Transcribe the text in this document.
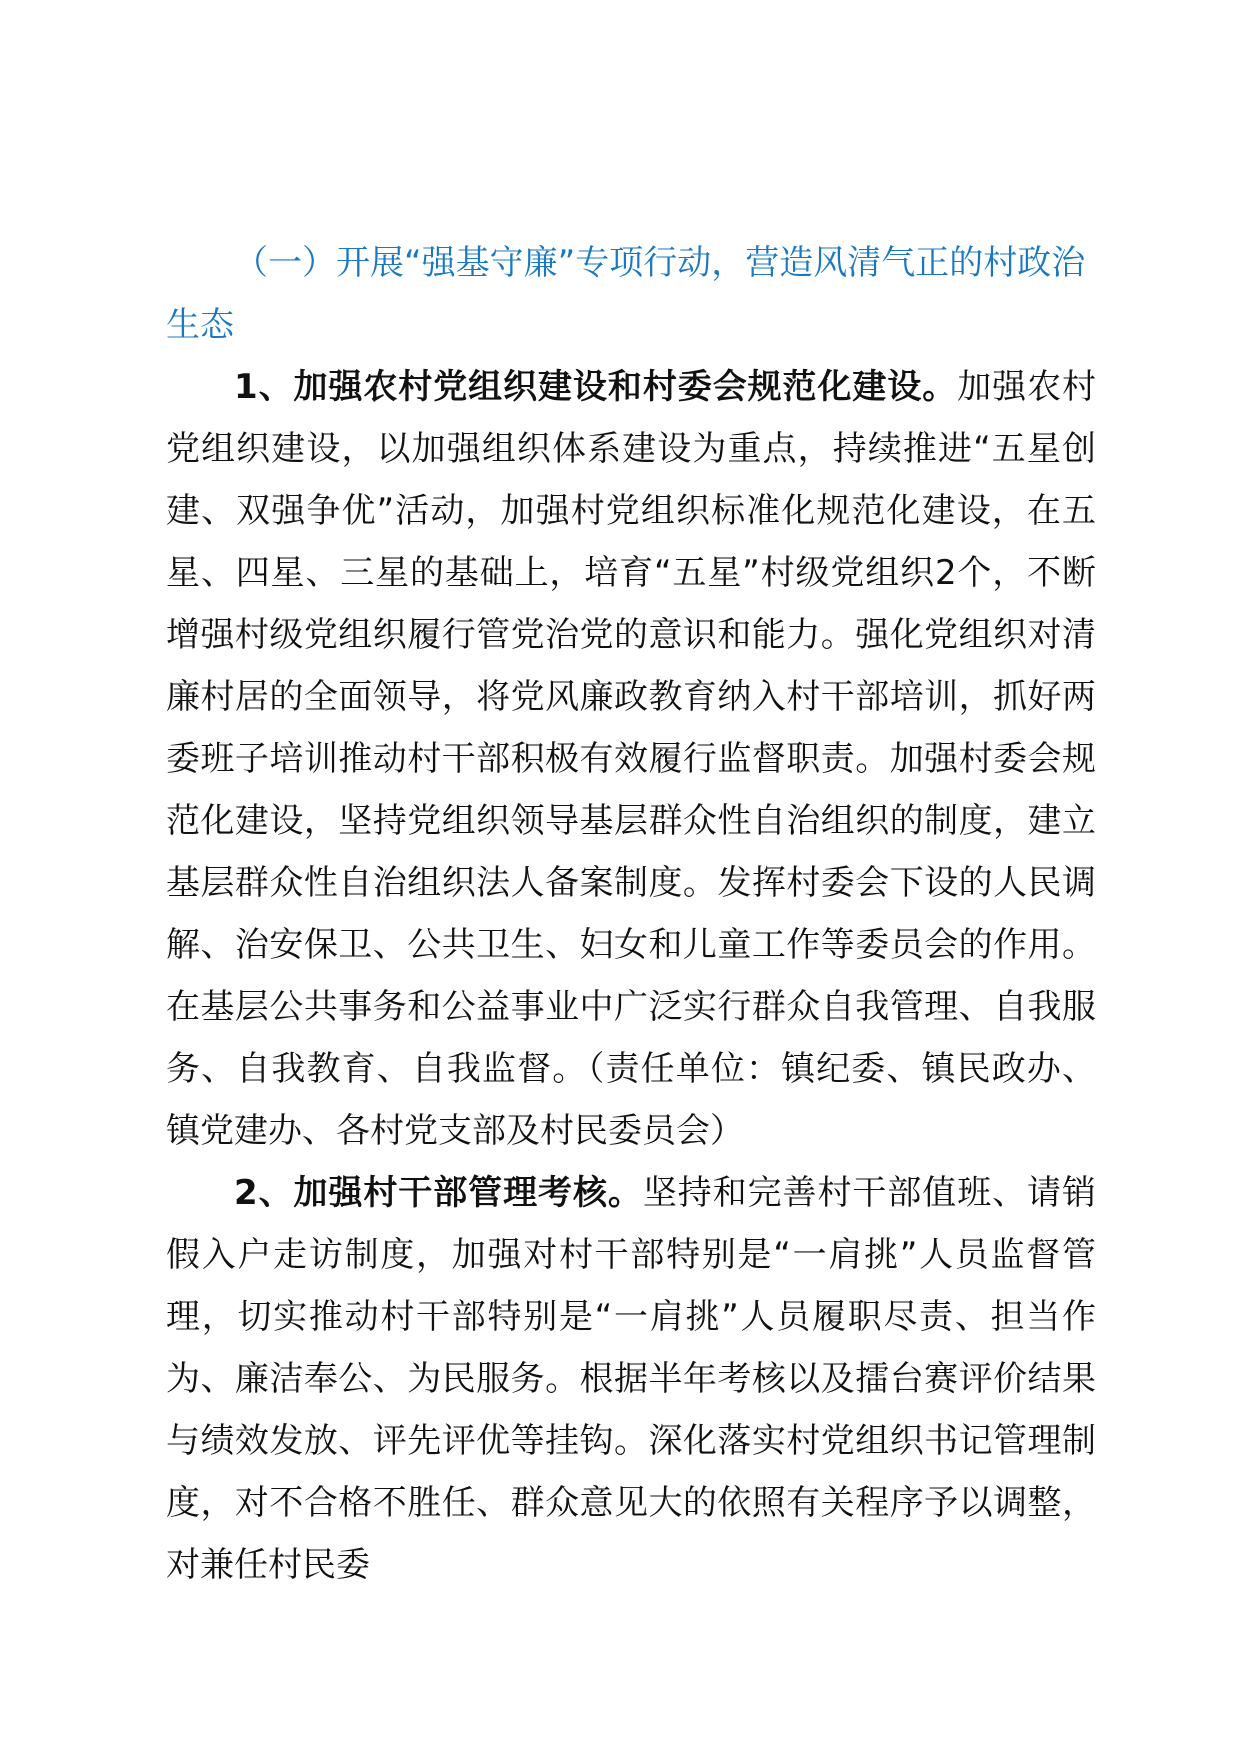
（一）开展“强基守廉”专项行动，营造风清气正的村政治生态

1、加强农村党组织建设和村委会规范化建设。加强农村党组织建设，以加强组织体系建设为重点，持续推进“五星创建、双强争优”活动，加强村党组织标准化规范化建设，在五星、四星、三星的基础上，培育“五星”村级党组织2个，不断增强村级党组织履行管党治党的意识和能力。强化党组织对清廉村居的全面领导，将党风廉政教育纳入村干部培训，抓好两委班子培训推动村干部积极有效履行监督职责。加强村委会规范化建设，坚持党组织领导基层群众性自治组织的制度，建立基层群众性自治组织法人备案制度。发挥村委会下设的人民调解、治安保卫、公共卫生、妇女和儿童工作等委员会的作用。在基层公共事务和公益事业中广泛实行群众自我管理、自我服务、自我教育、自我监督。（责任单位：镇纪委、镇民政办、镇党建办、各村党支部及村民委员会）

2、加强村干部管理考核。坚持和完善村干部值班、请销假入户走访制度，加强对村干部特别是“一肩挑”人员监督管理，切实推动村干部特别是“一肩挑”人员履职尽责、担当作为、廉洁奉公、为民服务。根据半年考核以及擂台赛评价结果与绩效发放、评先评优等挂钩。深化落实村党组织书记管理制度，对不合格不胜任、群众意见大的依照有关程序予以调整，对兼任村民委
